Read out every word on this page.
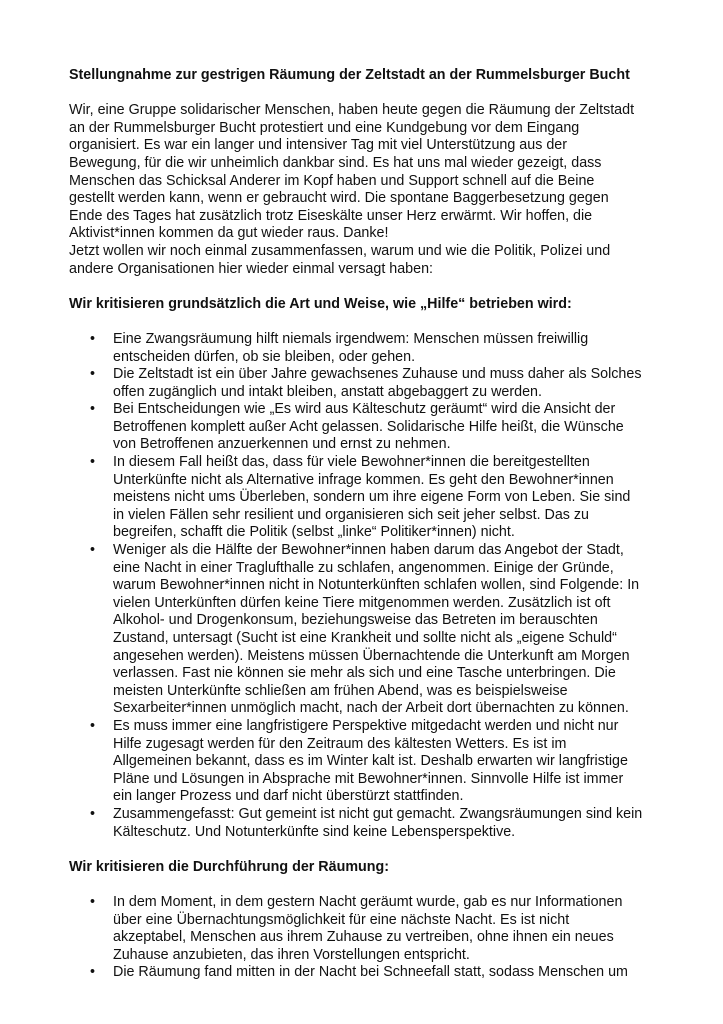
Stellungnahme zur gestrigen Räumung der Zeltstadt an der Rummelsburger Bucht
Wir, eine Gruppe solidarischer Menschen, haben heute gegen die Räumung der Zeltstadt
an der Rummelsburger Bucht protestiert und eine Kundgebung vor dem Eingang
organisiert. Es war ein langer und intensiver Tag mit viel Unterstützung aus der
Bewegung, für die wir unheimlich dankbar sind. Es hat uns mal wieder gezeigt, dass
Menschen das Schicksal Anderer im Kopf haben und Support schnell auf die Beine
gestellt werden kann, wenn er gebraucht wird. Die spontane Baggerbesetzung gegen
Ende des Tages hat zusätzlich trotz Eiseskälte unser Herz erwärmt. Wir hoffen, die
Aktivist*innen kommen da gut wieder raus. Danke!
Jetzt wollen wir noch einmal zusammenfassen, warum und wie die Politik, Polizei und
andere Organisationen hier wieder einmal versagt haben:
Wir kritisieren grundsätzlich die Art und Weise, wie „Hilfe“ betrieben wird:
• Eine Zwangsräumung hilft niemals irgendwem: Menschen müssen freiwillig
entscheiden dürfen, ob sie bleiben, oder gehen.
• Die Zeltstadt ist ein über Jahre gewachsenes Zuhause und muss daher als Solches
offen zugänglich und intakt bleiben, anstatt abgebaggert zu werden.
• Bei Entscheidungen wie „Es wird aus Kälteschutz geräumt“ wird die Ansicht der
Betroffenen komplett außer Acht gelassen. Solidarische Hilfe heißt, die Wünsche
von Betroffenen anzuerkennen und ernst zu nehmen.
• In diesem Fall heißt das, dass für viele Bewohner*innen die bereitgestellten
Unterkünfte nicht als Alternative infrage kommen. Es geht den Bewohner*innen
meistens nicht ums Überleben, sondern um ihre eigene Form von Leben. Sie sind
in vielen Fällen sehr resilient und organisieren sich seit jeher selbst. Das zu
begreifen, schafft die Politik (selbst „linke“ Politiker*innen) nicht.
• Weniger als die Hälfte der Bewohner*innen haben darum das Angebot der Stadt,
eine Nacht in einer Traglufthalle zu schlafen, angenommen. Einige der Gründe,
warum Bewohner*innen nicht in Notunterkünften schlafen wollen, sind Folgende: In
vielen Unterkünften dürfen keine Tiere mitgenommen werden. Zusätzlich ist oft
Alkohol- und Drogenkonsum, beziehungsweise das Betreten im berauschten
Zustand, untersagt (Sucht ist eine Krankheit und sollte nicht als „eigene Schuld“
angesehen werden). Meistens müssen Übernachtende die Unterkunft am Morgen
verlassen. Fast nie können sie mehr als sich und eine Tasche unterbringen. Die
meisten Unterkünfte schließen am frühen Abend, was es beispielsweise
Sexarbeiter*innen unmöglich macht, nach der Arbeit dort übernachten zu können.
• Es muss immer eine langfristigere Perspektive mitgedacht werden und nicht nur
Hilfe zugesagt werden für den Zeitraum des kältesten Wetters. Es ist im
Allgemeinen bekannt, dass es im Winter kalt ist. Deshalb erwarten wir langfristige
Pläne und Lösungen in Absprache mit Bewohner*innen. Sinnvolle Hilfe ist immer
ein langer Prozess und darf nicht überstürzt stattfinden.
• Zusammengefasst: Gut gemeint ist nicht gut gemacht. Zwangsräumungen sind kein
Kälteschutz. Und Notunterkünfte sind keine Lebensperspektive.
Wir kritisieren die Durchführung der Räumung:
• In dem Moment, in dem gestern Nacht geräumt wurde, gab es nur Informationen
über eine Übernachtungsmöglichkeit für eine nächste Nacht. Es ist nicht
akzeptabel, Menschen aus ihrem Zuhause zu vertreiben, ohne ihnen ein neues
Zuhause anzubieten, das ihren Vorstellungen entspricht.
• Die Räumung fand mitten in der Nacht bei Schneefall statt, sodass Menschen um
